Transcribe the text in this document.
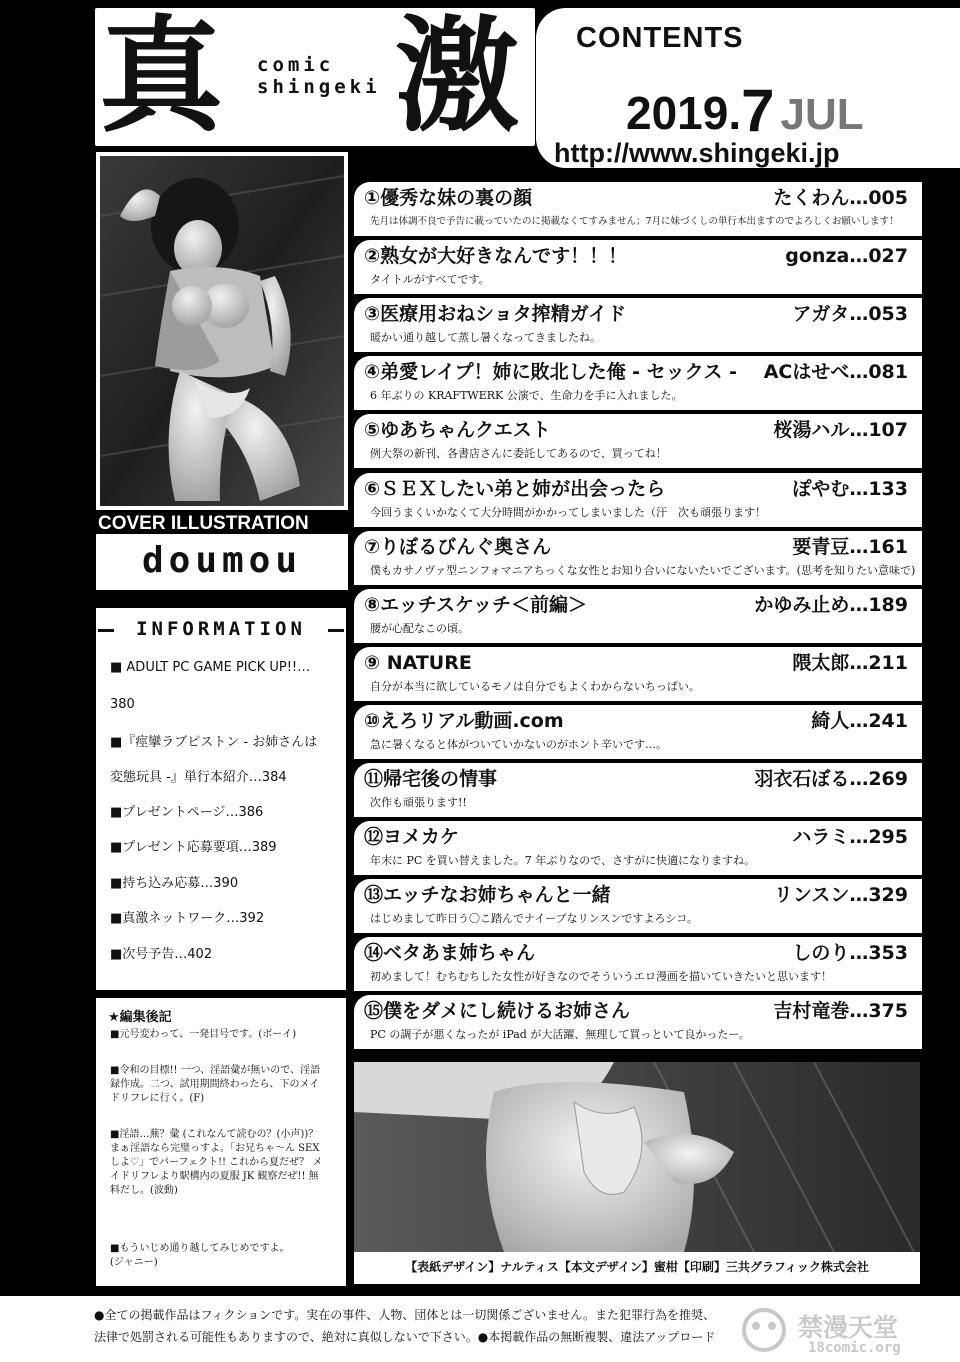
真 comic
shingeki 激 CONTENTS
2019.7 JUL
http://www.shingeki.jp
COVER ILLUSTRATION
doumou
INFORMATION
■ ADULT PC GAME PICK UP!!…
380
■『痙攣ラブピストン - お姉さんは
変態玩具 -』単行本紹介…384
■プレゼントページ…386
■プレゼント応募要項…389
■持ち込み応募…390
■真激ネットワーク…392
■次号予告…402
★編集後記
■元号変わって、一発目号です。(ボーイ)
■令和の目標!! 一つ、淫語彙が無いので、淫語
録作成。二つ、試用期間終わったら、下のメイ
ドリフレに行く。(F)
■淫語…蕪？彙 (これなんて読むの？(小声))？
まぁ淫語なら完璧っすよ。「お兄ちゃ～ん SEX
しよ♡」でパーフェクト!! これから夏だぜ？ メ
イドリフレより駅構内の夏服 JK 観察だぜ!! 無
料だし。(波動)
■もういじめ通り越してみじめですよ。
(ジャニー)
①優秀な妹の裏の顔	たくわん…005
先月は体調不良で予告に載っていたのに掲載なくてすみません；7月に妹づくしの単行本出ますのでよろしくお願いします！
②熟女が大好きなんです！！！	gonza…027
タイトルがすべてです。
③医療用おねショタ搾精ガイド	アガタ…053
暖かい通り越して蒸し暑くなってきましたね。
④弟愛レイプ！姉に敗北した俺 - セックス - ACはせべ…081
6 年ぶりの KRAFTWERK 公演で、生命力を手に入れました。
⑤ゆあちゃんクエスト	桜湯ハル…107
例大祭の新刊、各書店さんに委託してあるので、買ってね！
⑥ＳＥＸしたい弟と姉が出会ったら	ぽやむ…133
今回うまくいかなくて大分時間がかかってしまいました（汗　次も頑張ります！
⑦りぼるびんぐ奥さん	要青豆…161
僕もカサノヴァ型ニンフォマニアちっくな女性とお知り合いにないたいでございます。(思考を知りたい意味で)
⑧エッチスケッチ＜前編＞	かゆみ止め…189
腰が心配なこの頃。
⑨ NATURE	隈太郎…211
自分が本当に欲しているモノは自分でもよくわからないちっぱい。
⑩えろリアル動画.com	綺人…241
急に暑くなると体がついていかないのがホント辛いです…。
⑪帰宅後の情事	羽衣石ぼる…269
次作も頑張ります!!
⑫ヨメカケ	ハラミ…295
年末に PC を買い替えました。7 年ぶりなので、さすがに快適になりますね。
⑬エッチなお姉ちゃんと一緒	リンスン…329
はじめまして昨日う〇こ踏んでナイーブなリンスンですよろシコ。
⑭ベタあま姉ちゃん	しのり…353
初めまして！むちむちした女性が好きなのでそういうエロ漫画を描いていきたいと思います！
⑮僕をダメにし続けるお姉さん	吉村竜巻…375
PC の調子が悪くなったが iPad が大活躍、無理して買っといて良かったー。
【表紙デザイン】ナルティス【本文デザイン】蜜柑【印刷】三共グラフィック株式会社
●全ての掲載作品はフィクションです。実在の事件、人物、団体とは一切関係ございません。また犯罪行為を推奨、
法律で処罰される可能性もありますので、絶対に真似しないで下さい。●本掲載作品の無断複製、違法アップロード	禁漫天堂
18comic.org
